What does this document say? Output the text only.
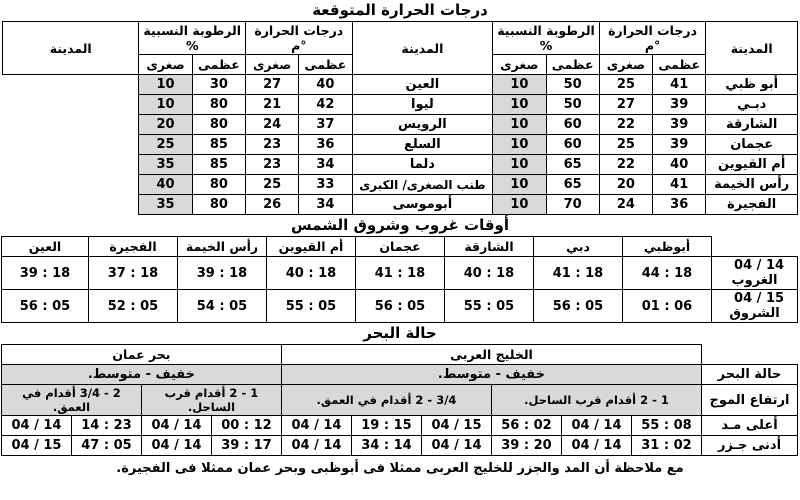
درجات الحرارة المتوقعة
المدينة	درجات الحرارة °م		الرطوبة النسبية %		المدينة	درجات الحرارة °م		الرطوبة النسبية %		المدينة
	عظمى	صغرى	عظمى	صغرى		عظمى	صغرى	عظمى	صغرى	
أبو ظبي	41	25	50	10	العين	40	27	30	10	
دبـي	39	27	50	10	ليوا	42	21	80	10	
الشارقة	39	22	60	10	الرويس	37	24	80	20	
عجمان	39	25	60	10	السلع	36	23	85	25	
أم القيوين	40	22	65	10	دلما	34	23	85	35	
رأس الخيمة	41	20	65	10	طنب الصغرى/ الكبرى	33	25	80	40	
الفجيرة	36	24	70	10	أبوموسى	34	26	80	35	
أوقات غروب وشروق الشمس
	أبوظبي	دبي	الشارقة	عجمان	أم القيوين	رأس الخيمة	الفجيرة	العين
14 / 04   الغروب	18 : 44	18 : 41	18 : 40	18 : 41	18 : 40	18 : 39	18 : 37	18 : 39
15 / 04   الشروق	06 : 01	05 : 56	05 : 55	05 : 56	05 : 55	05 : 54	05 : 52	05 : 56
حالة البحر
	الخليج العربى						بحر عمان			
حالة البحر	خفيف - متوسط.						خفيف - متوسط.			
ارتفاع الموج	1 - 2 أقدام قرب الساحل.			3/4 - 2 أقدام في العمق.			1 - 2 أقدام قرب الساحل.		2 - 3/4 أقدام في العمق.	
أعلى مـد	08 : 55	14 / 04	02 : 56	15 / 04	15 : 19	14 / 04	12 : 00	14 / 04	23 : 14	14 / 04
أدنى جـزر	02 : 31	14 / 04	20 : 39	14 / 04	14 : 34	14 / 04	17 : 39	14 / 04	05 : 47	15 / 04
مع ملاحظة أن المد والجزر للخليج العربى ممثلا فى أبوظبى وبحر عمان ممثلا فى الفجيرة.
